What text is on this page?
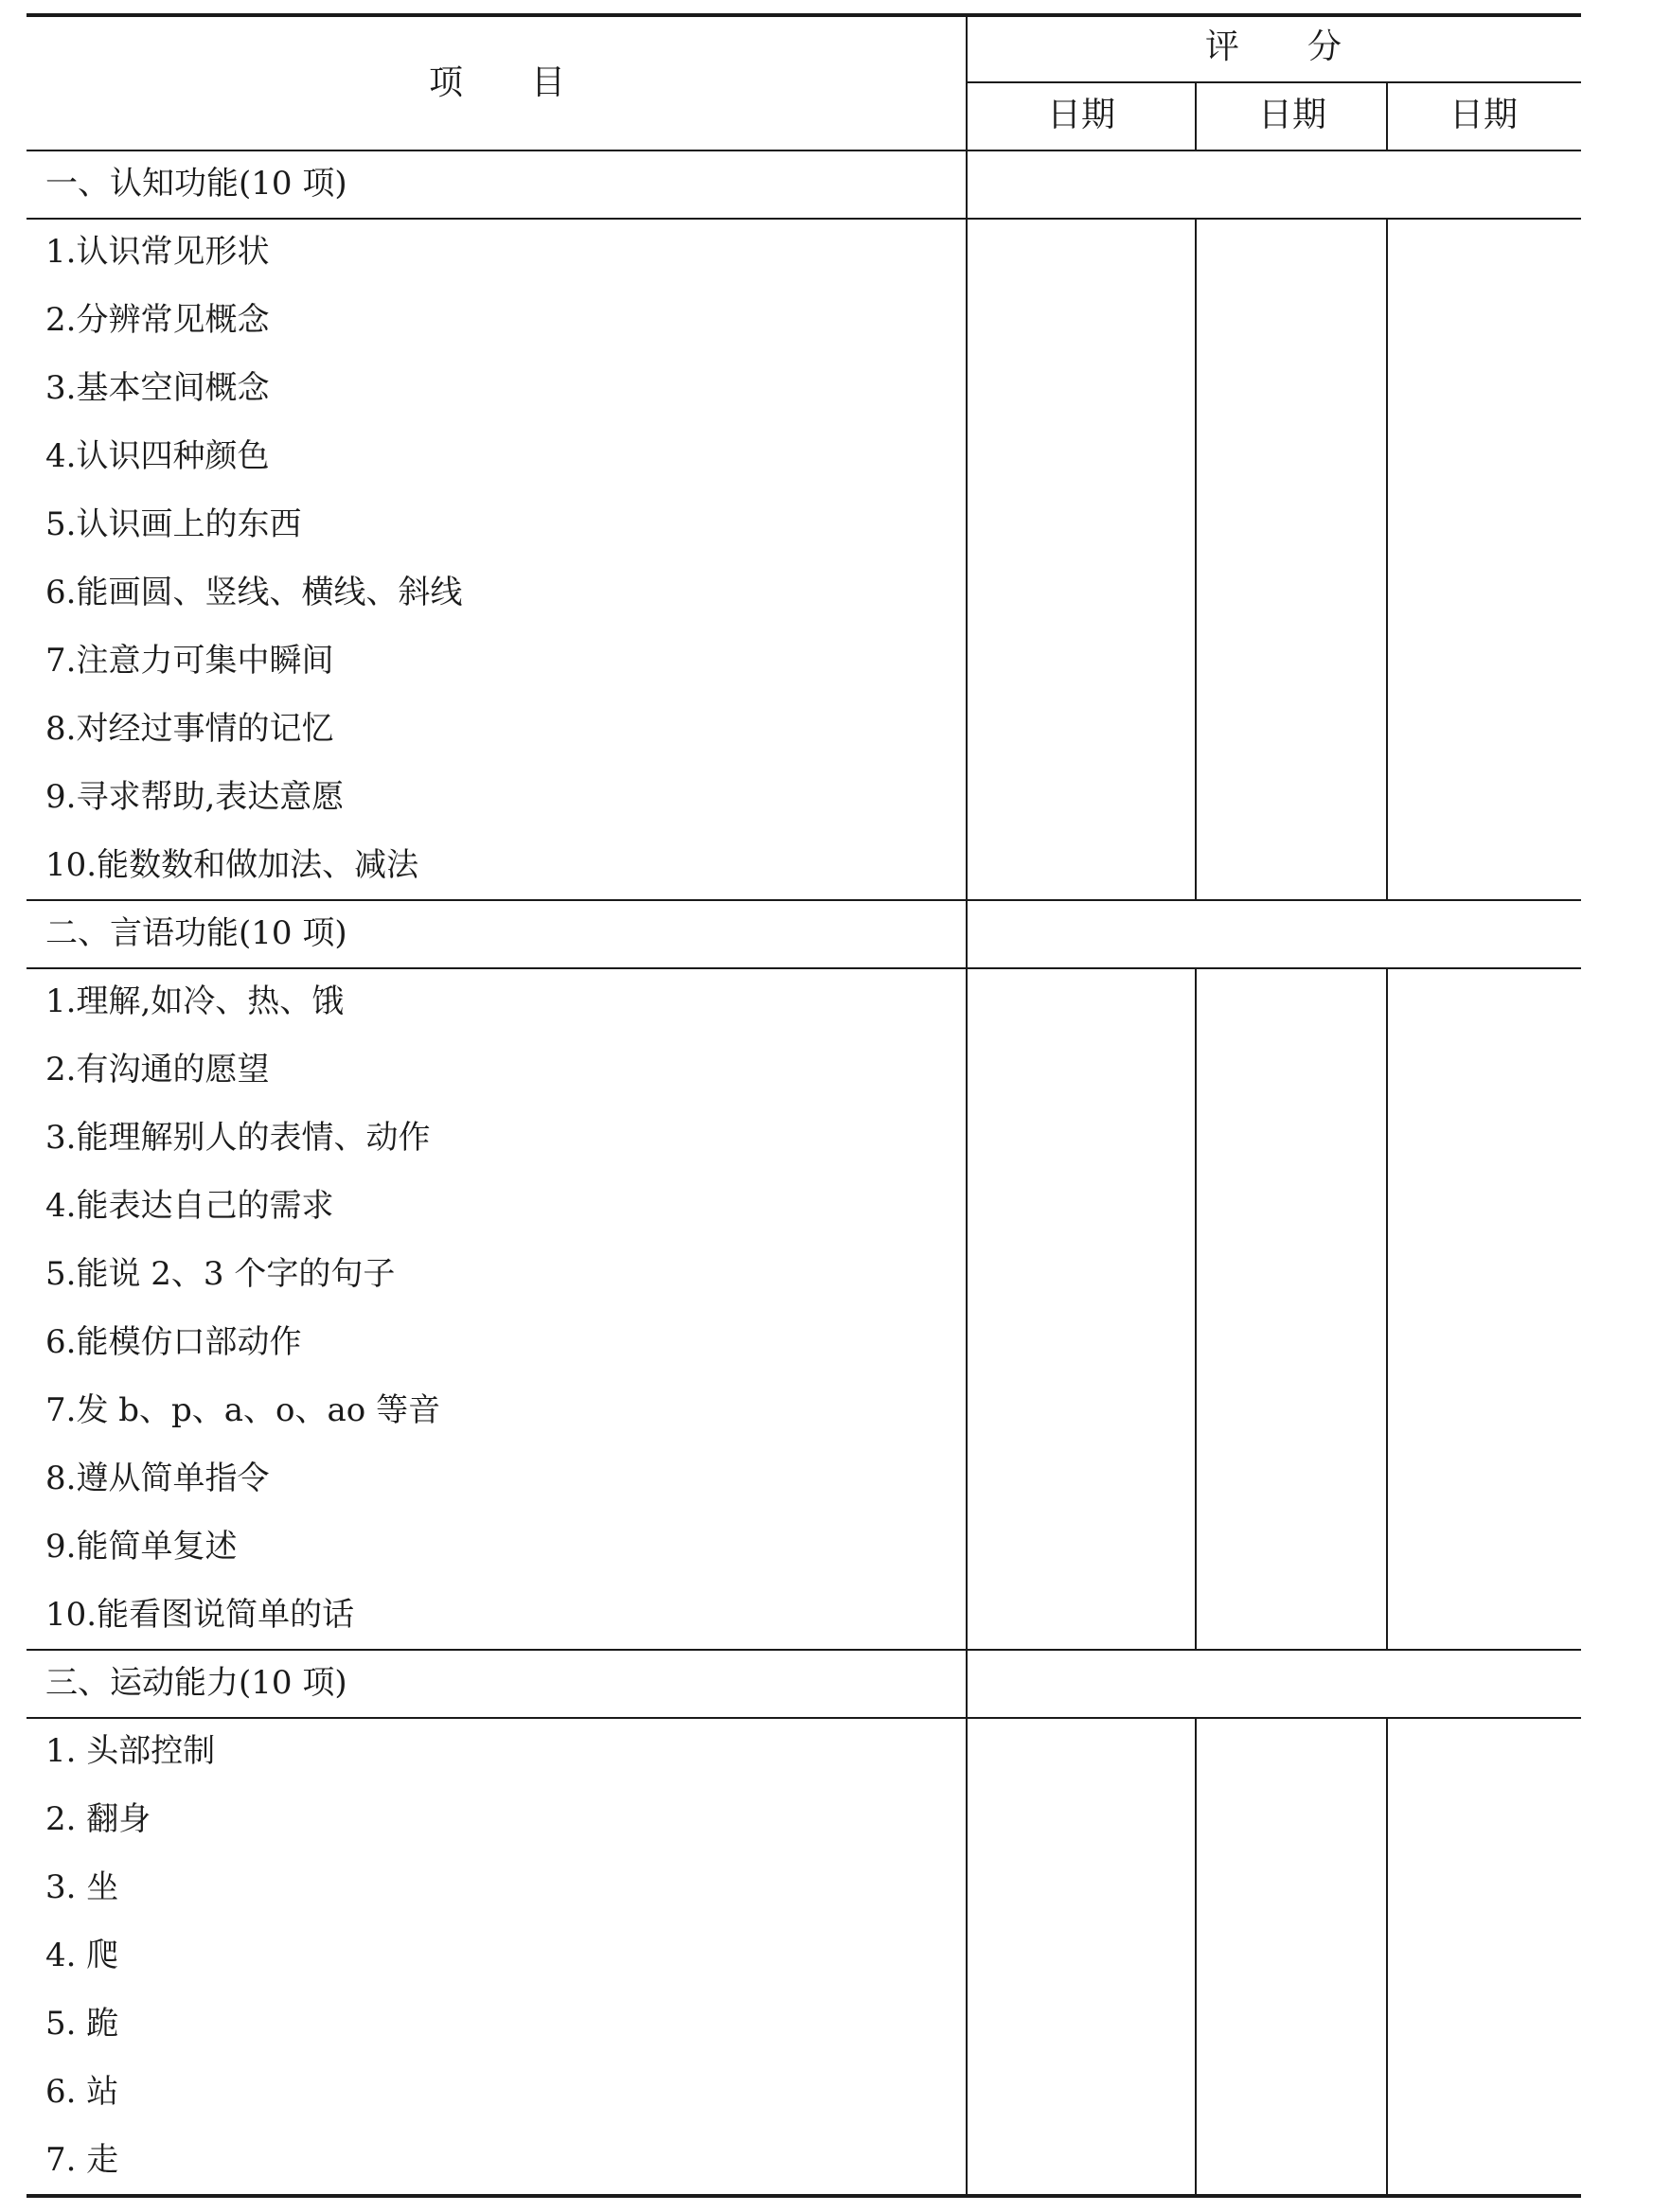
项　　目
评　　分
日期	日期	日期
一、认知功能(10 项)
1.认识常见形状
2.分辨常见概念
3.基本空间概念
4.认识四种颜色
5.认识画上的东西
6.能画圆、竖线、横线、斜线
7.注意力可集中瞬间
8.对经过事情的记忆
9.寻求帮助,表达意愿
10.能数数和做加法、减法
二、言语功能(10 项)
1.理解,如冷、热、饿
2.有沟通的愿望
3.能理解别人的表情、动作
4.能表达自己的需求
5.能说 2、3 个字的句子
6.能模仿口部动作
7.发 b、p、a、o、ao 等音
8.遵从简单指令
9.能简单复述
10.能看图说简单的话
三、运动能力(10 项)
1. 头部控制
2. 翻身
3. 坐
4. 爬
5. 跪
6. 站
7. 走
